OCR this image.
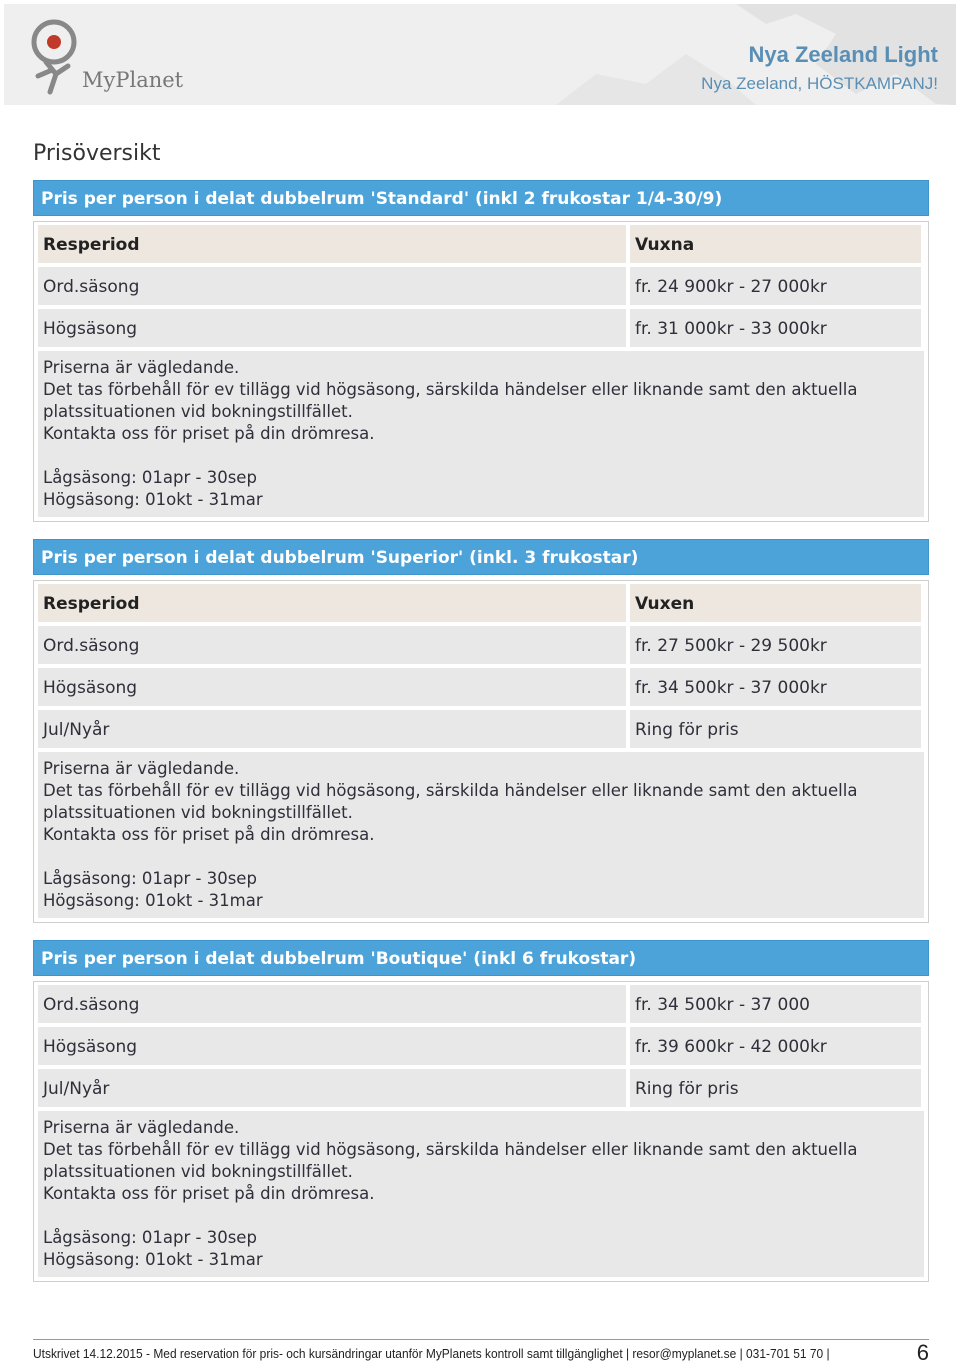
MyPlanet
Nya Zeeland Light
Nya Zeeland, HÖSTKAMPANJ!
Prisöversikt
Pris per person i delat dubbelrum 'Standard' (inkl 2 frukostar 1/4-30/9)
Resperiod	Vuxna
Ord.säsong	fr. 24 900kr - 27 000kr
Högsäsong	fr. 31 000kr - 33 000kr
Priserna är vägledande.
Det tas förbehåll för ev tillägg vid högsäsong, särskilda händelser eller liknande samt den aktuella platssituationen vid bokningstillfället.
Kontakta oss för priset på din drömresa.
Lågsäsong: 01apr - 30sep
Högsäsong: 01okt - 31mar
Pris per person i delat dubbelrum 'Superior' (inkl. 3 frukostar)
Resperiod	Vuxen
Ord.säsong	fr. 27 500kr - 29 500kr
Högsäsong	fr. 34 500kr - 37 000kr
Jul/Nyår	Ring för pris
Priserna är vägledande.
Det tas förbehåll för ev tillägg vid högsäsong, särskilda händelser eller liknande samt den aktuella platssituationen vid bokningstillfället.
Kontakta oss för priset på din drömresa.
Lågsäsong: 01apr - 30sep
Högsäsong: 01okt - 31mar
Pris per person i delat dubbelrum 'Boutique' (inkl 6 frukostar)
Ord.säsong	fr. 34 500kr - 37 000
Högsäsong	fr. 39 600kr - 42 000kr
Jul/Nyår	Ring för pris
Priserna är vägledande.
Det tas förbehåll för ev tillägg vid högsäsong, särskilda händelser eller liknande samt den aktuella platssituationen vid bokningstillfället.
Kontakta oss för priset på din drömresa.
Lågsäsong: 01apr - 30sep
Högsäsong: 01okt - 31mar
Utskrivet 14.12.2015 - Med reservation för pris- och kursändringar utanför MyPlanets kontroll samt tillgänglighet | resor@myplanet.se | 031-701 51 70 |	6
